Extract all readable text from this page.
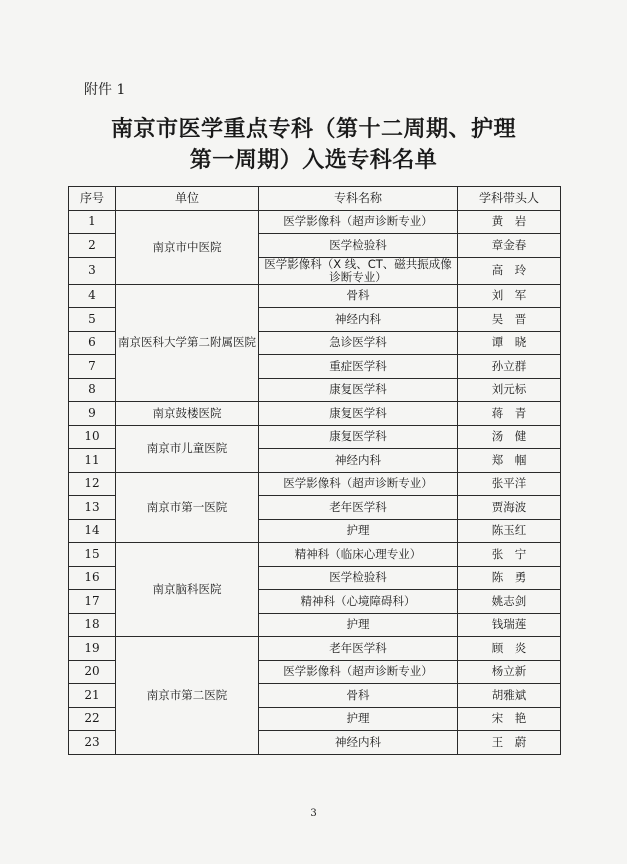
附件 1
南京市医学重点专科（第十二周期、护理
第一周期）入选专科名单
序号	单位	专科名称	学科带头人
1	南京市中医院	医学影像科（超声诊断专业）	黄　岩
2		医学检验科	章金春
3		医学影像科（X 线、CT、磁共振成像诊断专业）	高　玲
4	南京医科大学第二附属医院	骨科	刘　军
5		神经内科	吴　晋
6		急诊医学科	谭　晓
7		重症医学科	孙立群
8		康复医学科	刘元标
9	南京鼓楼医院	康复医学科	蒋　青
10	南京市儿童医院	康复医学科	汤　健
11		神经内科	郑　帼
12	南京市第一医院	医学影像科（超声诊断专业）	张平洋
13		老年医学科	贾海波
14		护理	陈玉红
15	南京脑科医院	精神科（临床心理专业）	张　宁
16		医学检验科	陈　勇
17		精神科（心境障碍科）	姚志剑
18		护理	钱瑞莲
19	南京市第二医院	老年医学科	顾　炎
20		医学影像科（超声诊断专业）	杨立新
21		骨科	胡雅斌
22		护理	宋　艳
23		神经内科	王　蔚
3
